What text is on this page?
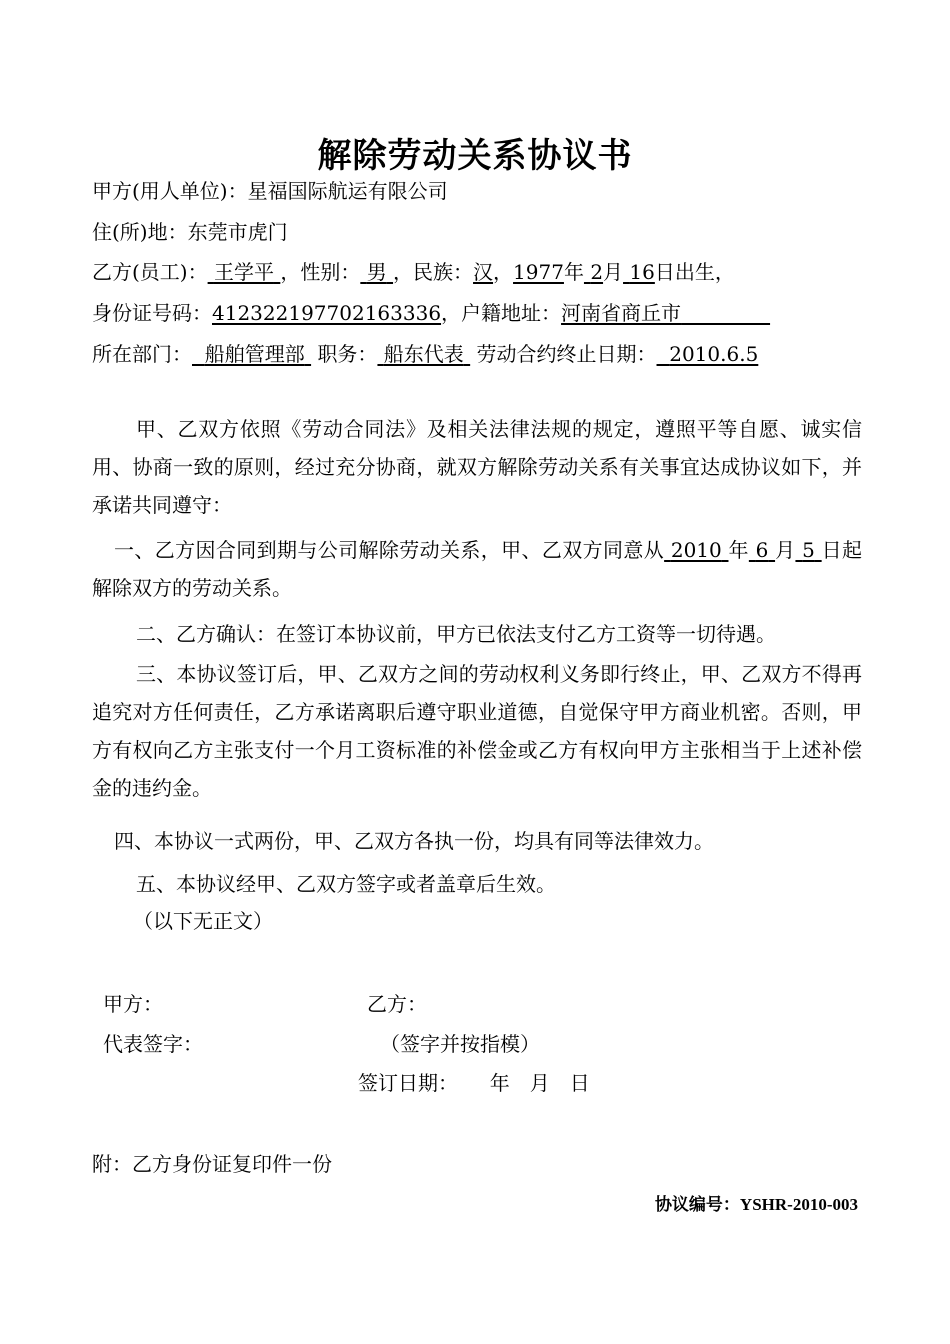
解除劳动关系协议书
甲方(用人单位)：星福国际航运有限公司
住(所)地：东莞市虎门
乙方(员工)： 王学平 ，性别： 男 ，民族：汉，1977年 2月 16日出生，
身份证号码：412322197702163336，户籍地址：河南省商丘市
所在部门： 船舶管理部 职务： 船东代表 劳动合约终止日期： 2010.6.5
甲、乙双方依照《劳动合同法》及相关法律法规的规定，遵照平等自愿、诚实信用、协商一致的原则，经过充分协商，就双方解除劳动关系有关事宜达成协议如下，并承诺共同遵守：
一、乙方因合同到期与公司解除劳动关系，甲、乙双方同意从 2010 年 6 月 5 日起解除双方的劳动关系。
二、乙方确认：在签订本协议前，甲方已依法支付乙方工资等一切待遇。
三、本协议签订后，甲、乙双方之间的劳动权利义务即行终止，甲、乙双方不得再追究对方任何责任，乙方承诺离职后遵守职业道德，自觉保守甲方商业机密。否则，甲方有权向乙方主张支付一个月工资标准的补偿金或乙方有权向甲方主张相当于上述补偿金的违约金。
四、本协议一式两份，甲、乙双方各执一份，均具有同等法律效力。
五、本协议经甲、乙双方签字或者盖章后生效。
（以下无正文）
甲方：	乙方：
代表签字：	（签字并按指模）
签订日期： 年　月　日
附：乙方身份证复印件一份
协议编号：YSHR-2010-003
